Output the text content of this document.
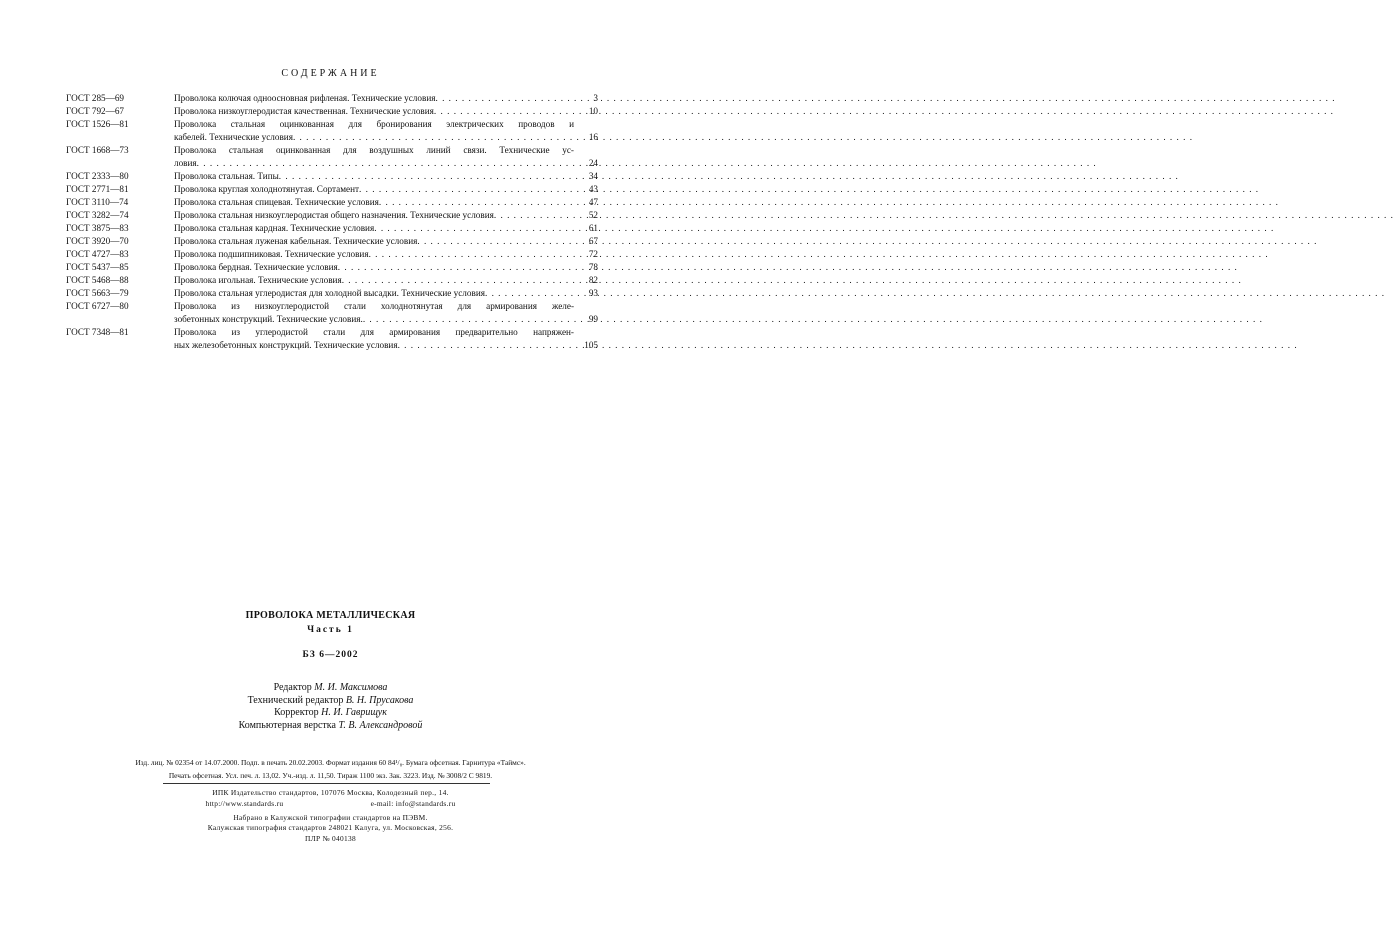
СОДЕРЖАНИЕ
ГОСТ 285—69	Проволока колючая одноосновная рифленая. Технические условия . . .	3
ГОСТ 792—67	Проволока низкоуглеродистая качественная. Технические условия . . .	10
ГОСТ 1526—81	Проволока стальная оцинкованная для бронирования электрических проводов и
кабелей. Технические условия . . .	16
ГОСТ 1668—73	Проволока стальная оцинкованная для воздушных линий связи. Технические ус-
ловия . . .	24
ГОСТ 2333—80	Проволока стальная. Типы . . .	34
ГОСТ 2771—81	Проволока круглая холоднотянутая. Сортамент . . .	43
ГОСТ 3110—74	Проволока стальная спицевая. Технические условия . . .	47
ГОСТ 3282—74	Проволока стальная низкоуглеродистая общего назначения. Технические условия . . .	52
ГОСТ 3875—83	Проволока стальная кардная. Технические условия . . .	61
ГОСТ 3920—70	Проволока стальная луженая кабельная. Технические условия . . .	67
ГОСТ 4727—83	Проволока подшипниковая. Технические условия . . .	72
ГОСТ 5437—85	Проволока бердная. Технические условия . . .	78
ГОСТ 5468—88	Проволока игольная. Технические условия . . .	82
ГОСТ 5663—79	Проволока стальная углеродистая для холодной высадки. Технические условия . . .	93
ГОСТ 6727—80	Проволока из низкоуглеродистой стали холоднотянутая для армирования желе-
зобетонных конструкций. Технические условия. . . .	99
ГОСТ 7348—81	Проволока из углеродистой стали для армирования предварительно напряжен-
ных железобетонных конструкций. Технические условия . . .	105
ПРОВОЛОКА МЕТАЛЛИЧЕСКАЯ
Часть 1
БЗ 6—2002
Редактор М. И. Максимова
Технический редактор В. Н. Прусакова
Корректор Н. И. Гаврищук
Компьютерная верстка Т. В. Александровой
Изд. лиц. № 02354 от 14.07.2000. Подп. в печать 20.02.2003. Формат издания 60 84¹/₈. Бумага офсетная. Гарнитура «Таймс».
Печать офсетная. Усл. печ. л. 13,02. Уч.-изд. л. 11,50. Тираж 1100 экз. Зак. 3223. Изд. № 3008/2 С 9819.
ИПК Издательство стандартов, 107076 Москва, Колодезный пер., 14.
http://www.standards.ru	e-mail: info@standards.ru
Набрано в Калужской типографии стандартов на ПЭВМ.
Калужская типография стандартов 248021 Калуга, ул. Московская, 256.
ПЛР № 040138
